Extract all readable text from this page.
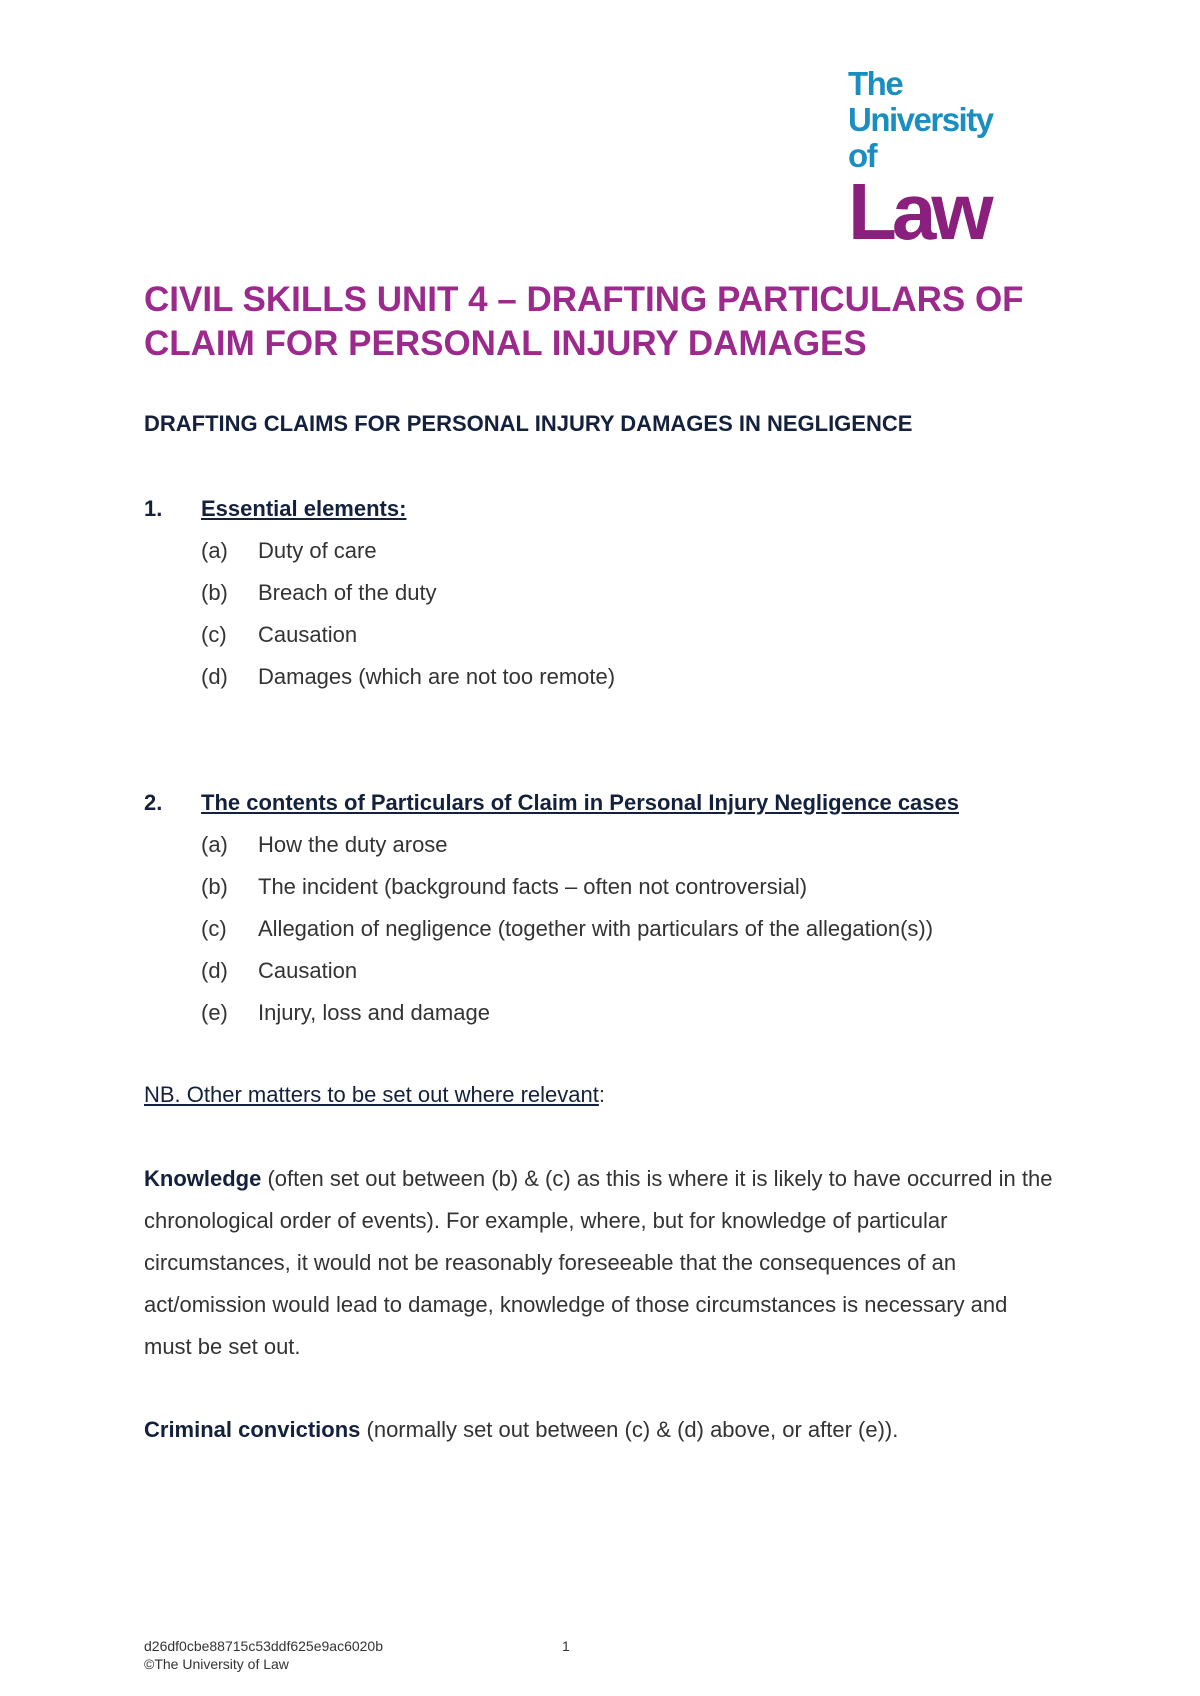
The
University of
Law
CIVIL SKILLS UNIT 4 – DRAFTING PARTICULARS OF CLAIM FOR PERSONAL INJURY DAMAGES
DRAFTING CLAIMS FOR PERSONAL INJURY DAMAGES IN NEGLIGENCE
1. Essential elements:
(a) Duty of care
(b) Breach of the duty
(c) Causation
(d) Damages (which are not too remote)
2. The contents of Particulars of Claim in Personal Injury Negligence cases
(a) How the duty arose
(b) The incident (background facts – often not controversial)
(c) Allegation of negligence (together with particulars of the allegation(s))
(d) Causation
(e) Injury, loss and damage

NB. Other matters to be set out where relevant:

Knowledge (often set out between (b) & (c) as this is where it is likely to have occurred in the chronological order of events). For example, where, but for knowledge of particular circumstances, it would not be reasonably foreseeable that the consequences of an act/omission would lead to damage, knowledge of those circumstances is necessary and must be set out.

Criminal convictions (normally set out between (c) & (d) above, or after (e)).

d26df0cbe88715c53ddf625e9ac6020b	1
©The University of Law
